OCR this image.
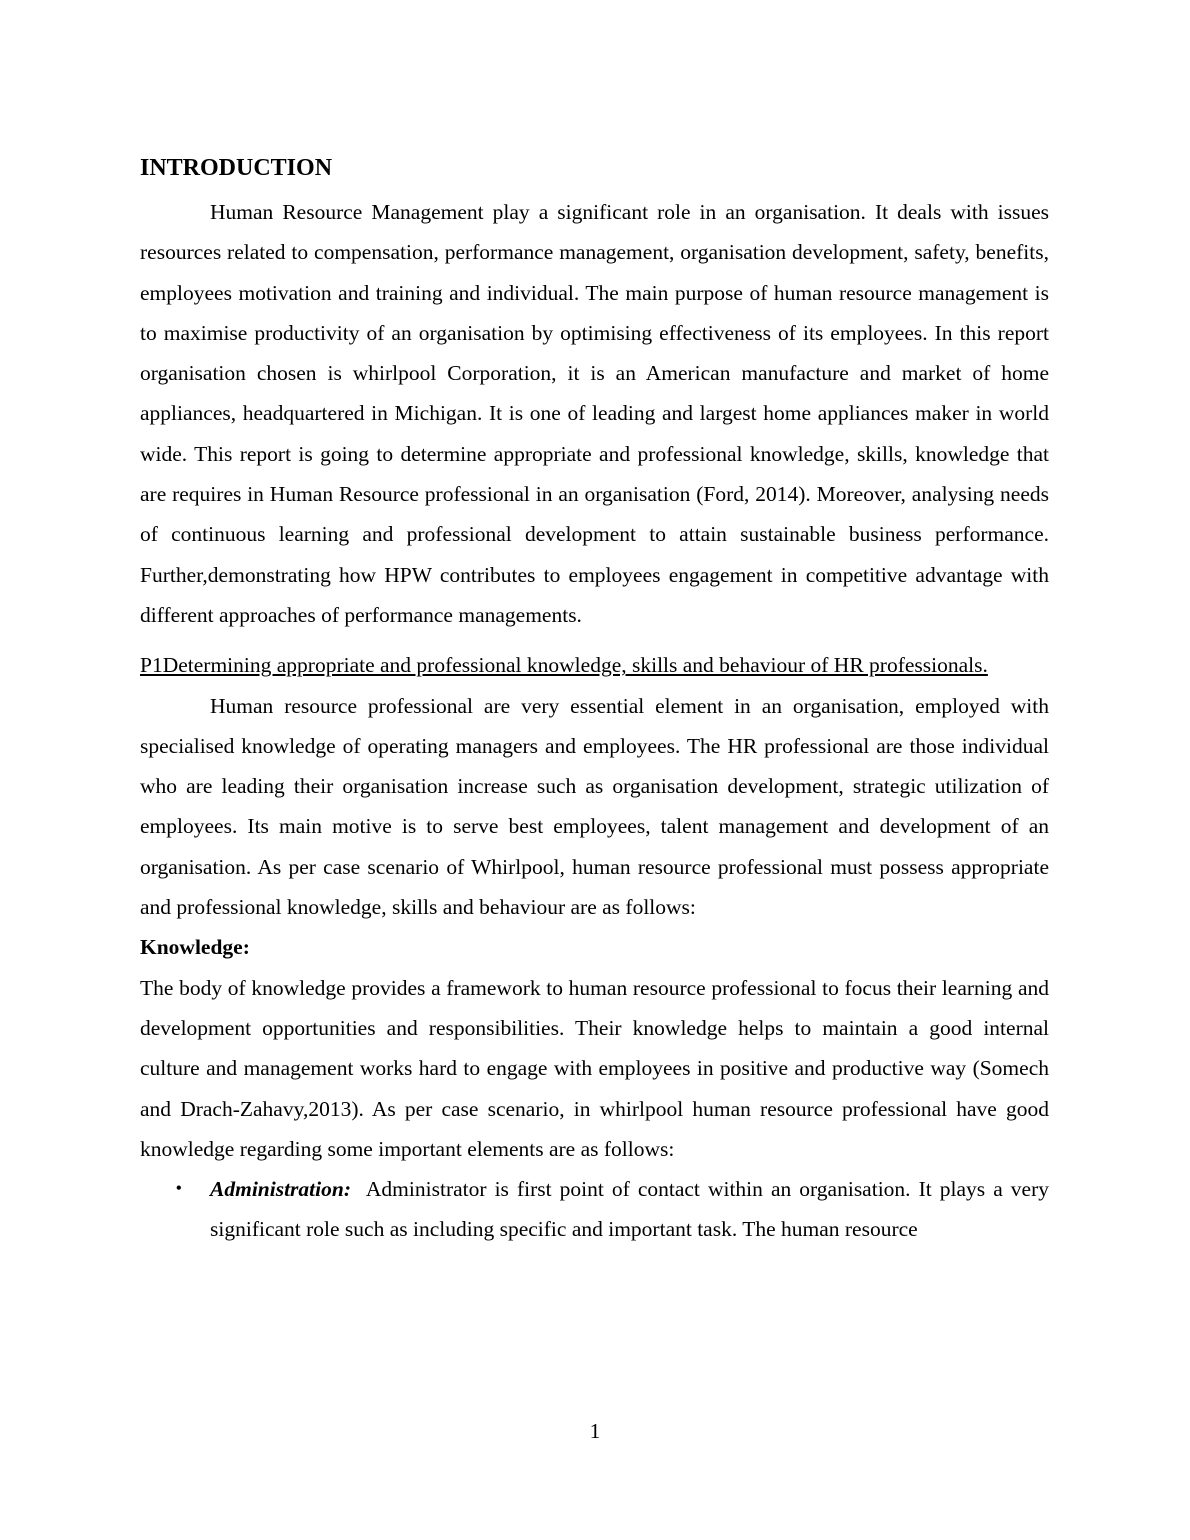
INTRODUCTION

Human Resource Management play a significant role in an organisation. It deals with issues resources related to compensation, performance management, organisation development, safety, benefits, employees motivation and training and individual. The main purpose of human resource management is to maximise productivity of an organisation by optimising effectiveness of its employees. In this report organisation chosen is whirlpool Corporation, it is an American manufacture and market of home appliances, headquartered in Michigan. It is one of leading and largest home appliances maker in world wide. This report is going to determine appropriate and professional knowledge, skills, knowledge that are requires in Human Resource professional in an organisation (Ford, 2014). Moreover, analysing needs of continuous learning and professional development to attain sustainable business performance. Further,demonstrating how HPW contributes to employees engagement in competitive advantage with different approaches of performance managements.

P1Determining appropriate and professional knowledge, skills and behaviour of HR professionals.

Human resource professional are very essential element in an organisation, employed with specialised knowledge of operating managers and employees. The HR professional are those individual who are leading their organisation increase such as organisation development, strategic utilization of employees. Its main motive is to serve best employees, talent management and development of an organisation. As per case scenario of Whirlpool, human resource professional must possess appropriate and professional knowledge, skills and behaviour are as follows:

Knowledge:

The body of knowledge provides a framework to human resource professional to focus their learning and development opportunities and responsibilities. Their knowledge helps to maintain a good internal culture and management works hard to engage with employees in positive and productive way (Somech and Drach-Zahavy,2013). As per case scenario, in whirlpool human resource professional have good knowledge regarding some important elements are as follows:

• Administration:  Administrator is first point of contact within an organisation. It plays a very significant role such as including specific and important task. The human resource
1
